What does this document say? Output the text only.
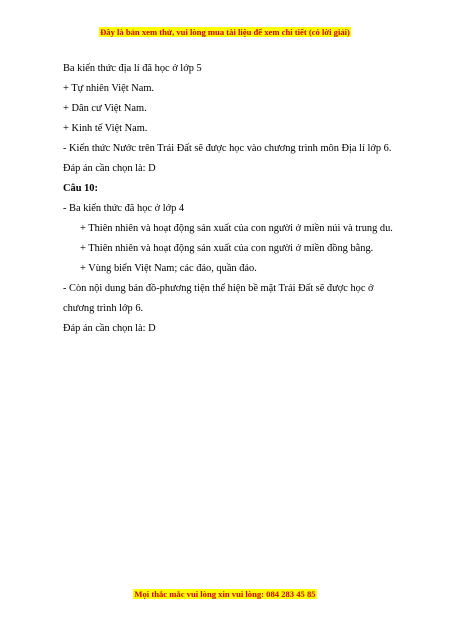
Đây là bản xem thử, vui lòng mua tài liệu để xem chi tiết (có lời giải)

Ba kiến thức địa lí đã học ở lớp 5

+ Tự nhiên Việt Nam.

+ Dân cư Việt Nam.

+ Kinh tế Việt Nam.

- Kiến thức Nước trên Trái Đất sẽ được học vào chương trình môn Địa lí lớp 6.

Đáp án cần chọn là: D

Câu 10:

- Ba kiến thức đã học ở lớp 4

+ Thiên nhiên và hoạt động sản xuất của con người ở miền núi và trung du.

+ Thiên nhiên và hoạt động sản xuất của con người ở miền đồng bằng.

+ Vùng biển Việt Nam; các đảo, quần đảo.

- Còn nội dung bản đồ-phương tiện thể hiện bề mặt Trái Đất sẽ được học ở chương trình lớp 6.

Đáp án cần chọn là: D

Mọi thắc mắc vui lòng xin vui lòng: 084 283 45 85
